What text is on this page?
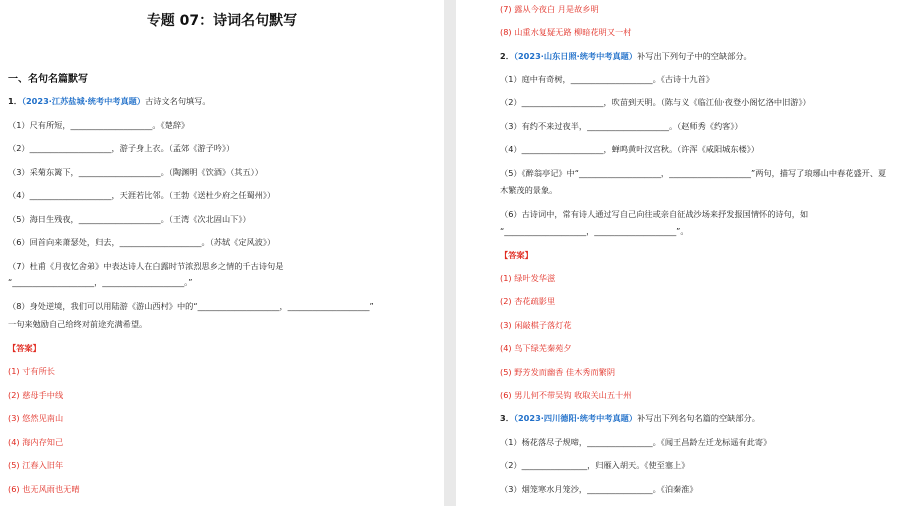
专题 07：诗词名句默写
一、名句名篇默写
1．（2023·江苏盐城·统考中考真题）古诗文名句填写。
（1）尺有所短，____________________。《楚辞》
（2）____________________，游子身上衣。（孟郊《游子吟》）
（3）采菊东篱下，____________________。（陶渊明《饮酒》（其五））
（4）____________________，天涯若比邻。（王勃《送杜少府之任蜀州》）
（5）海日生残夜，____________________。（王湾《次北固山下》）
（6）回首向来萧瑟处，归去，____________________。（苏轼《定风波》）
（7）杜甫《月夜忆舍弟》中表达诗人在白露时节浓烈思乡之情的千古诗句是
“____________________，____________________。”
（8）身处逆境，我们可以用陆游《游山西村》中的“____________________，____________________”
一句来勉励自己给终对前途充满希望。
【答案】
(1) 寸有所长
(2) 慈母手中线
(3) 悠然见南山
(4) 海内存知己
(5) 江春入旧年
(6) 也无风雨也无晴
(7) 露从今夜白 月是故乡明
(8) 山重水复疑无路 柳暗花明又一村
2．（2023·山东日照·统考中考真题）补写出下列句子中的空缺部分。
（1）庭中有奇树，____________________。《古诗十九首》
（2）____________________，吹苗到天明。（陈与义《临江仙·夜登小阁忆洛中旧游》）
（3）有约不来过夜半，____________________。（赵师秀《约客》）
（4）____________________，蝉鸣黄叶汉宫秋。（许浑《咸阳城东楼》）
（5）《醉翁亭记》中“____________________，____________________”两句，描写了琅琊山中春花盛开、夏
木繁茂的景象。
（6）古诗词中，常有诗人通过写自己向往或亲自征战沙场来抒发报国情怀的诗句，如
“____________________，____________________”。
【答案】
(1) 绿叶发华滋
(2) 杏花疏影里
(3) 闲敲棋子落灯花
(4) 鸟下绿芜秦苑夕
(5) 野芳发而幽香 佳木秀而繁阴
(6) 男儿何不带吴钩 收取关山五十州
3．（2023·四川德阳·统考中考真题）补写出下列名句名篇的空缺部分。
（1）杨花落尽子规啼，________________。《闻王昌龄左迁龙标遥有此寄》
（2）________________，归雁入胡天。《使至塞上》
（3）烟笼寒水月笼沙，________________。《泊秦淮》
